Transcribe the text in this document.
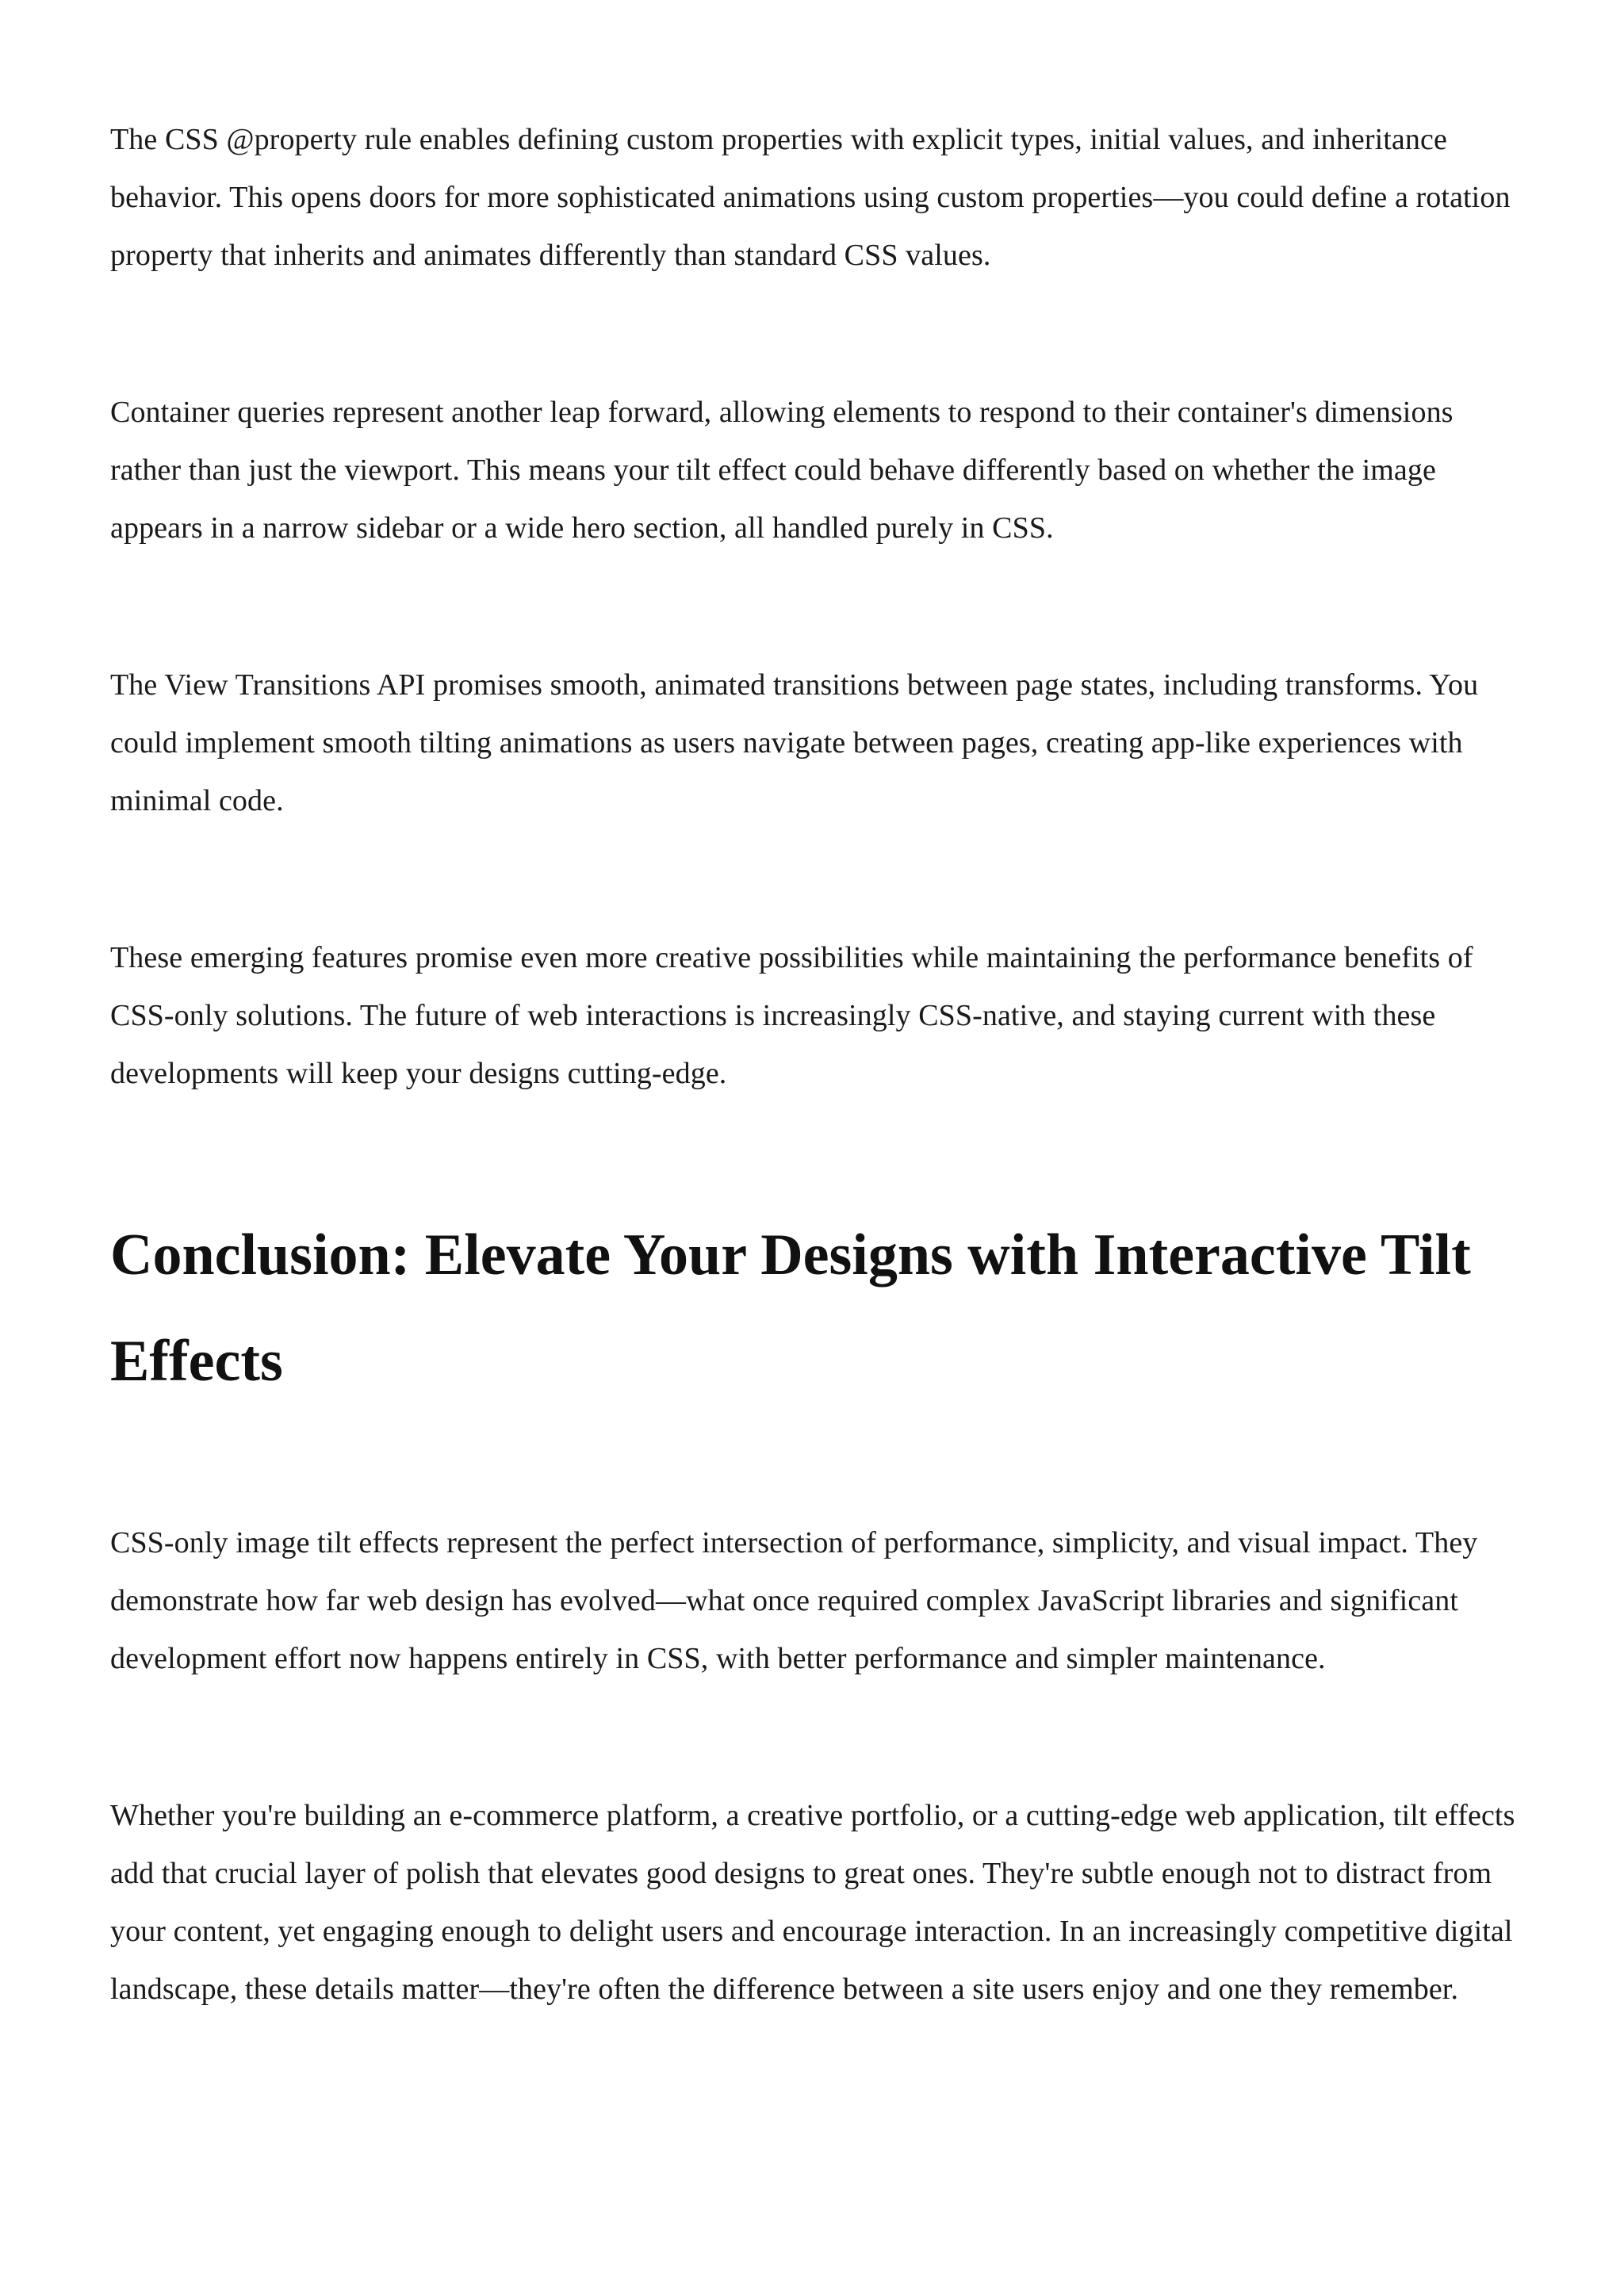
The CSS @property rule enables defining custom properties with explicit types, initial values, and inheritance behavior. This opens doors for more sophisticated animations using custom properties—you could define a rotation property that inherits and animates differently than standard CSS values.

Container queries represent another leap forward, allowing elements to respond to their container's dimensions rather than just the viewport. This means your tilt effect could behave differently based on whether the image appears in a narrow sidebar or a wide hero section, all handled purely in CSS.

The View Transitions API promises smooth, animated transitions between page states, including transforms. You could implement smooth tilting animations as users navigate between pages, creating app-like experiences with minimal code.

These emerging features promise even more creative possibilities while maintaining the performance benefits of CSS-only solutions. The future of web interactions is increasingly CSS-native, and staying current with these developments will keep your designs cutting-edge.

Conclusion: Elevate Your Designs with Interactive Tilt Effects

CSS-only image tilt effects represent the perfect intersection of performance, simplicity, and visual impact. They demonstrate how far web design has evolved—what once required complex JavaScript libraries and significant development effort now happens entirely in CSS, with better performance and simpler maintenance.

Whether you're building an e-commerce platform, a creative portfolio, or a cutting-edge web application, tilt effects add that crucial layer of polish that elevates good designs to great ones. They're subtle enough not to distract from your content, yet engaging enough to delight users and encourage interaction. In an increasingly competitive digital landscape, these details matter—they're often the difference between a site users enjoy and one they remember.
